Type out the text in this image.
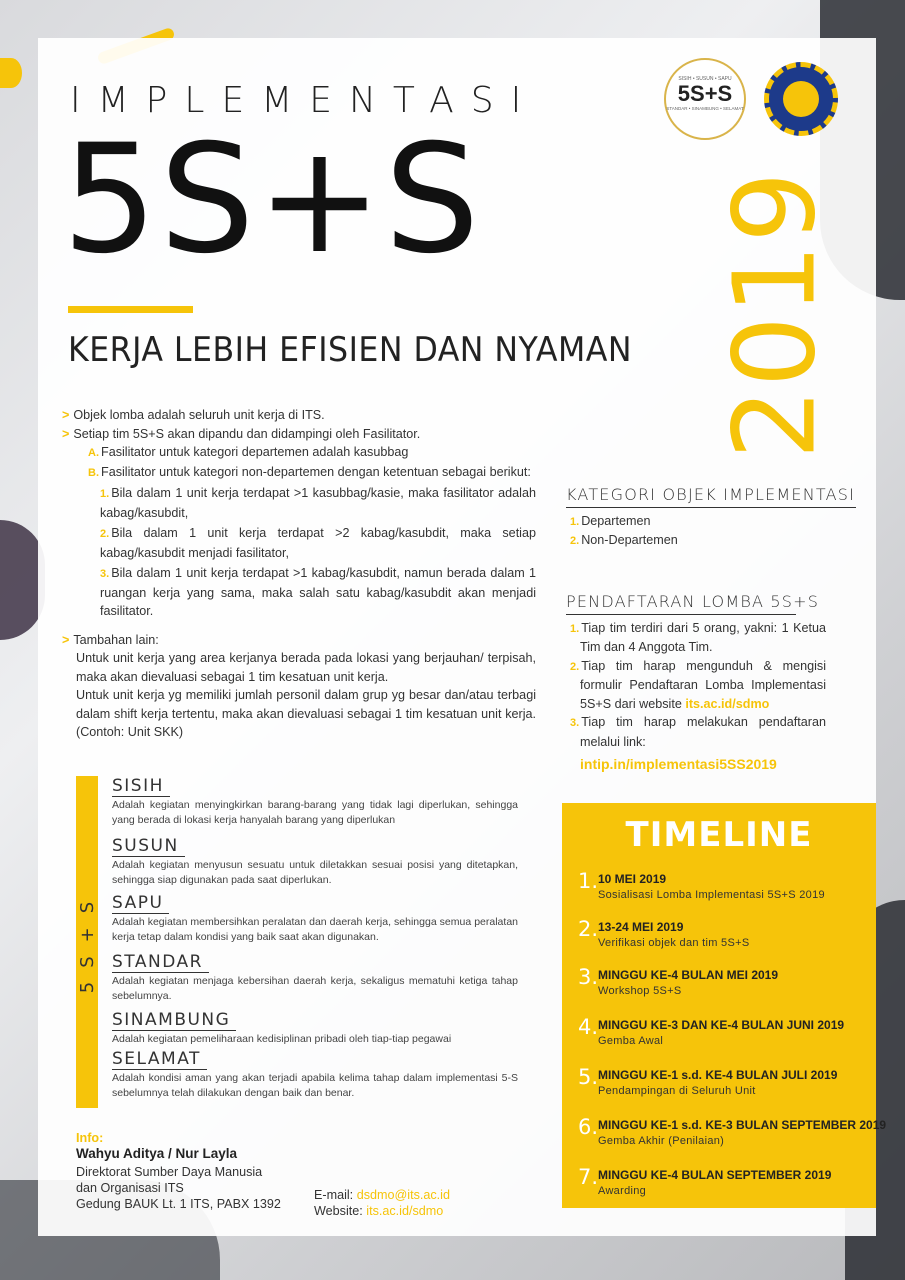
IMPLEMENTASI
5S+S
KERJA LEBIH EFISIEN DAN NYAMAN 2019
SISIH • SUSUN • SAPU
5S+S
STANDAR • SINAMBUNG • SELAMAT

> Objek lomba adalah seluruh unit kerja di ITS.

> Setiap tim 5S+S akan dipandu dan didampingi oleh Fasilitator.

A. Fasilitator untuk kategori departemen adalah kasubbag

B. Fasilitator untuk kategori non-departemen dengan ketentuan sebagai berikut:

1. Bila dalam 1 unit kerja terdapat >1 kasubbag/kasie, maka fasilitator adalah kabag/kasubdit,

2. Bila dalam 1 unit kerja terdapat >2 kabag/kasubdit, maka setiap kabag/kasubdit menjadi fasilitator,

3. Bila dalam 1 unit kerja terdapat >1 kabag/kasubdit, namun berada dalam 1 ruangan kerja yang sama, maka salah satu kabag/kasubdit akan menjadi fasilitator.

> Tambahan lain:

Untuk unit kerja yang area kerjanya berada pada lokasi yang berjauhan/ terpisah, maka akan dievaluasi sebagai 1 tim kesatuan unit kerja.

Untuk unit kerja yg memiliki jumlah personil dalam grup yg besar dan/atau terbagi dalam shift kerja tertentu, maka akan dievaluasi sebagai 1 tim kesatuan unit kerja. (Contoh: Unit SKK)

KATEGORI OBJEK IMPLEMENTASI

1. Departemen

2. Non-Departemen

PENDAFTARAN LOMBA 5S+S

1. Tiap tim terdiri dari 5 orang, yakni: 1 Ketua Tim dan 4 Anggota Tim.

2. Tiap tim harap mengunduh & mengisi formulir Pendaftaran Lomba Implementasi 5S+S dari website its.ac.id/sdmo

3. Tiap tim harap melakukan pendaftaran melalui link:

intip.in/implementasi5SS2019

5S+S
SISIH
Adalah kegiatan menyingkirkan barang-barang yang tidak lagi diperlukan, sehingga yang berada di lokasi kerja hanyalah barang yang diperlukan
SUSUN
Adalah kegiatan menyusun sesuatu untuk diletakkan sesuai posisi yang ditetapkan, sehingga siap digunakan pada saat diperlukan.
SAPU
Adalah kegiatan membersihkan peralatan dan daerah kerja, sehingga semua peralatan kerja tetap dalam kondisi yang baik saat akan digunakan.
STANDAR
Adalah kegiatan menjaga kebersihan daerah kerja, sekaligus mematuhi ketiga tahap sebelumnya.
SINAMBUNG
Adalah kegiatan pemeliharaan kedisiplinan pribadi oleh tiap-tiap pegawai
SELAMAT
Adalah kondisi aman yang akan terjadi apabila kelima tahap dalam implementasi 5-S sebelumnya telah dilakukan dengan baik dan benar.
TIMELINE
1. 10 MEI 2019
Sosialisasi Lomba Implementasi 5S+S 2019
2. 13-24 MEI 2019
Verifikasi objek dan tim 5S+S
3. MINGGU KE-4 BULAN MEI 2019
Workshop 5S+S
4. MINGGU KE-3 DAN KE-4 BULAN JUNI 2019
Gemba Awal
5. MINGGU KE-1 s.d. KE-4 BULAN JULI 2019
Pendampingan di Seluruh Unit
6. MINGGU KE-1 s.d. KE-3 BULAN SEPTEMBER 2019
Gemba Akhir (Penilaian)
7. MINGGU KE-4 BULAN SEPTEMBER 2019
Awarding
Info:
Wahyu Aditya / Nur Layla
Direktorat Sumber Daya Manusia
dan Organisasi ITS
Gedung BAUK Lt. 1 ITS, PABX 1392
E-mail: dsdmo@its.ac.id
Website: its.ac.id/sdmo
